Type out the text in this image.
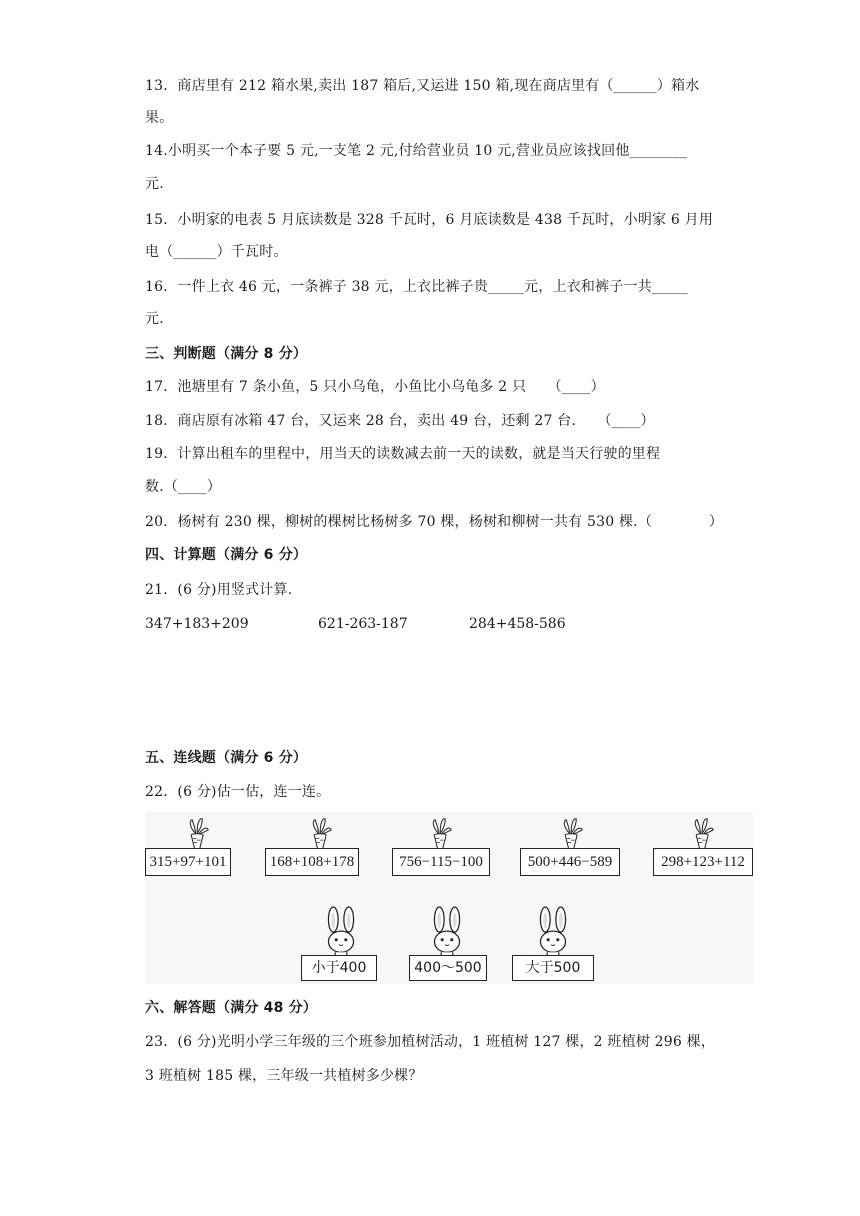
13．商店里有 212 箱水果,卖出 187 箱后,又运进 150 箱,现在商店里有（______）箱水
果。
14.小明买一个本子要 5 元,一支笔 2 元,付给营业员 10 元,营业员应该找回他________
元.
15．小明家的电表 5 月底读数是 328 千瓦时，6 月底读数是 438 千瓦时，小明家 6 月用
电（______）千瓦时。
16．一件上衣 46 元，一条裤子 38 元，上衣比裤子贵_____元，上衣和裤子一共_____
元.
三、判断题（满分 8 分）
17．池塘里有 7 条小鱼，5 只小乌龟，小鱼比小乌龟多 2 只　　（____）
18．商店原有冰箱 47 台，又运来 28 台，卖出 49 台，还剩 27 台.　　（____）
19．计算出租车的里程中，用当天的读数减去前一天的读数，就是当天行驶的里程
数.（____）
20．杨树有 230 棵，柳树的棵树比杨树多 70 棵，杨树和柳树一共有 530 棵.（　　　　）
四、计算题（满分 6 分）
21．(6 分)用竖式计算.
347+183+209	621-263-187	284+458-586
五、连线题（满分 6 分）
22．(6 分)估一估，连一连。
315+97+101	168+108+178	756−115−100	500+446−589	298+123+112
小于400	400～500	大于500
六、解答题（满分 48 分）
23．(6 分)光明小学三年级的三个班参加植树活动，1 班植树 127 棵，2 班植树 296 棵，
3 班植树 185 棵，三年级一共植树多少棵？
